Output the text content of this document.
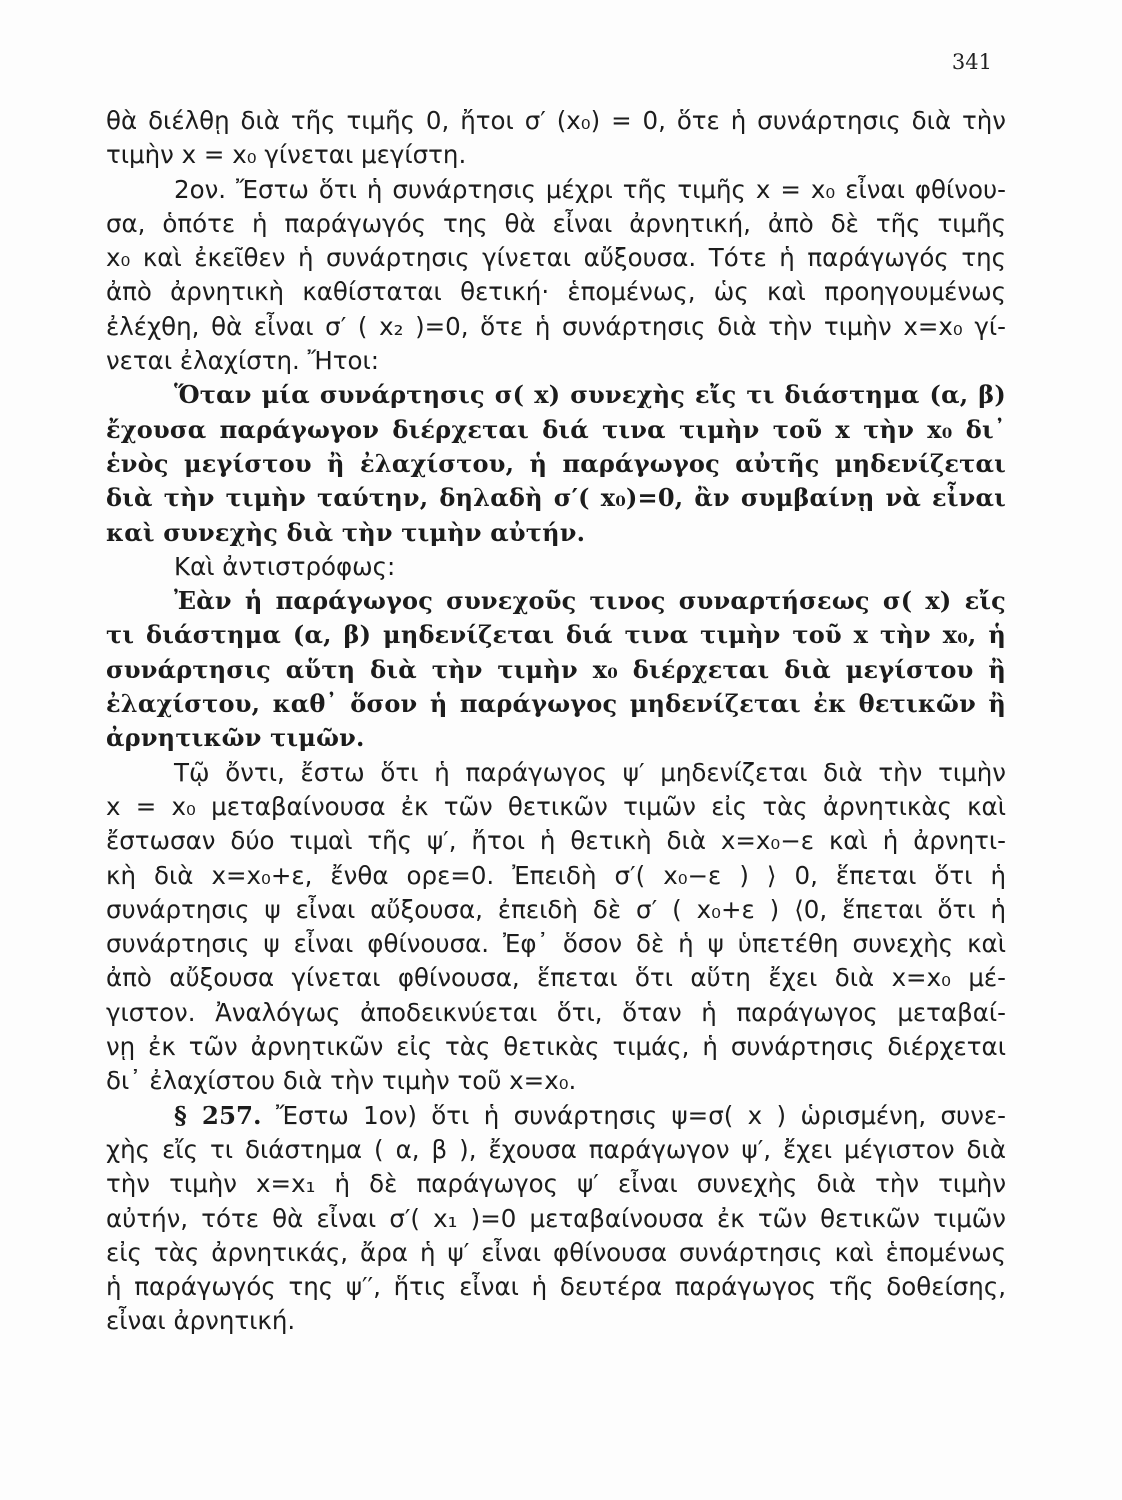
341
θὰ διέλθῃ διὰ τῆς τιμῆς 0, ἤτοι σ′ (x₀) = 0, ὅτε ἡ συνάρτησις διὰ τὴν
τιμὴν x = x₀ γίνεται μεγίστη.
2ον. Ἔστω ὅτι ἡ συνάρτησις μέχρι τῆς τιμῆς x = x₀ εἶναι φθίνου-
σα, ὁπότε ἡ παράγωγός της θὰ εἶναι ἀρνητική, ἀπὸ δὲ τῆς τιμῆς
x₀ καὶ ἐκεῖθεν ἡ συνάρτησις γίνεται αὔξουσα. Τότε ἡ παράγωγός της
ἀπὸ ἀρνητικὴ καθίσταται θετική· ἑπομένως, ὡς καὶ προηγουμένως
ἐλέχθη, θὰ εἶναι σ′ ( x₂ )=0, ὅτε ἡ συνάρτησις διὰ τὴν τιμὴν x=x₀ γί-
νεται ἐλαχίστη. Ἤτοι:
Ὅταν μία συνάρτησις σ( x) συνεχὴς εἴς τι διάστημα (α, β)
ἔχουσα παράγωγον διέρχεται διά τινα τιμὴν τοῦ x τὴν x₀ δι᾽
ἑνὸς μεγίστου ἢ ἐλαχίστου, ἡ παράγωγος αὐτῆς μηδενίζεται
διὰ τὴν τιμὴν ταύτην, δηλαδὴ σ′( x₀)=0, ἂν συμβαίνῃ νὰ εἶναι
καὶ συνεχὴς διὰ τὴν τιμὴν αὐτήν.
Καὶ ἀντιστρόφως:
Ἐὰν ἡ παράγωγος συνεχοῦς τινος συναρτήσεως σ( x) εἴς
τι διάστημα (α, β) μηδενίζεται διά τινα τιμὴν τοῦ x τὴν x₀, ἡ
συνάρτησις αὕτη διὰ τὴν τιμὴν x₀ διέρχεται διὰ μεγίστου ἢ
ἐλαχίστου, καθ᾽ ὅσον ἡ παράγωγος μηδενίζεται ἐκ θετικῶν ἢ
ἀρνητικῶν τιμῶν.
Τῷ ὄντι, ἔστω ὅτι ἡ παράγωγος ψ′ μηδενίζεται διὰ τὴν τιμὴν
x = x₀ μεταβαίνουσα ἐκ τῶν θετικῶν τιμῶν εἰς τὰς ἀρνητικὰς καὶ
ἔστωσαν δύο τιμαὶ τῆς ψ′, ἤτοι ἡ θετικὴ διὰ x=x₀−ε καὶ ἡ ἀρνητι-
κὴ διὰ x=x₀+ε, ἔνθα ορε=0. Ἐπειδὴ σ′( x₀−ε ) ⟩ 0, ἕπεται ὅτι ἡ
συνάρτησις ψ εἶναι αὔξουσα, ἐπειδὴ δὲ σ′ ( x₀+ε ) ⟨0, ἕπεται ὅτι ἡ
συνάρτησις ψ εἶναι φθίνουσα. Ἐφ᾽ ὅσον δὲ ἡ ψ ὑπετέθη συνεχὴς καὶ
ἀπὸ αὔξουσα γίνεται φθίνουσα, ἕπεται ὅτι αὕτη ἔχει διὰ x=x₀ μέ-
γιστον. Ἀναλόγως ἀποδεικνύεται ὅτι, ὅταν ἡ παράγωγος μεταβαί-
νῃ ἐκ τῶν ἀρνητικῶν εἰς τὰς θετικὰς τιμάς, ἡ συνάρτησις διέρχεται
δι᾽ ἐλαχίστου διὰ τὴν τιμὴν τοῦ x=x₀.
§ 257. Ἔστω 1ον) ὅτι ἡ συνάρτησις ψ=σ( x ) ὡρισμένη, συνε-
χὴς εἴς τι διάστημα ( α, β ), ἔχουσα παράγωγον ψ′, ἔχει μέγιστον διὰ
τὴν τιμὴν x=x₁ ἡ δὲ παράγωγος ψ′ εἶναι συνεχὴς διὰ τὴν τιμὴν
αὐτήν, τότε θὰ εἶναι σ′( x₁ )=0 μεταβαίνουσα ἐκ τῶν θετικῶν τιμῶν
εἰς τὰς ἀρνητικάς, ἄρα ἡ ψ′ εἶναι φθίνουσα συνάρτησις καὶ ἑπομένως
ἡ παράγωγός της ψ′′, ἥτις εἶναι ἡ δευτέρα παράγωγος τῆς δοθείσης,
εἶναι ἀρνητική.
